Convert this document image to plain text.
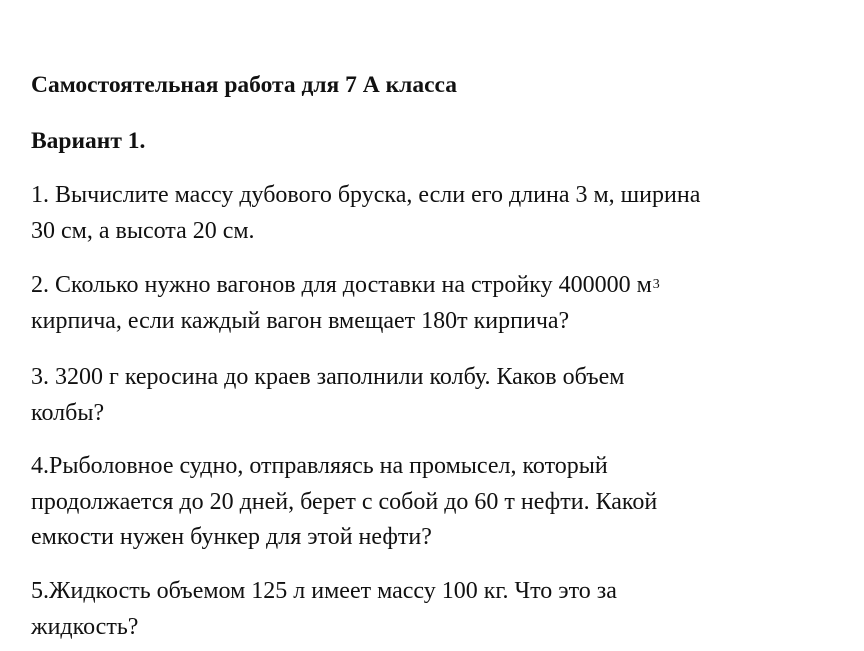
Самостоятельная работа для 7 А класса
Вариант 1.

1. Вычислите массу дубового бруска, если его длина 3 м, ширина
30 см, а высота 20 см.

2. Сколько нужно вагонов для доставки на стройку 400000 $м^3$
кирпича, если каждый вагон вмещает 180т кирпича?

3. 3200 г керосина до краев заполнили колбу. Каков объем
колбы?

4.Рыболовное судно, отправляясь на промысел, который
продолжается до 20 дней, берет с собой до 60 т нефти. Какой
емкости нужен бункер для этой нефти?

5.Жидкость объемом 125 л имеет массу 100 кг. Что это за
жидкость?
